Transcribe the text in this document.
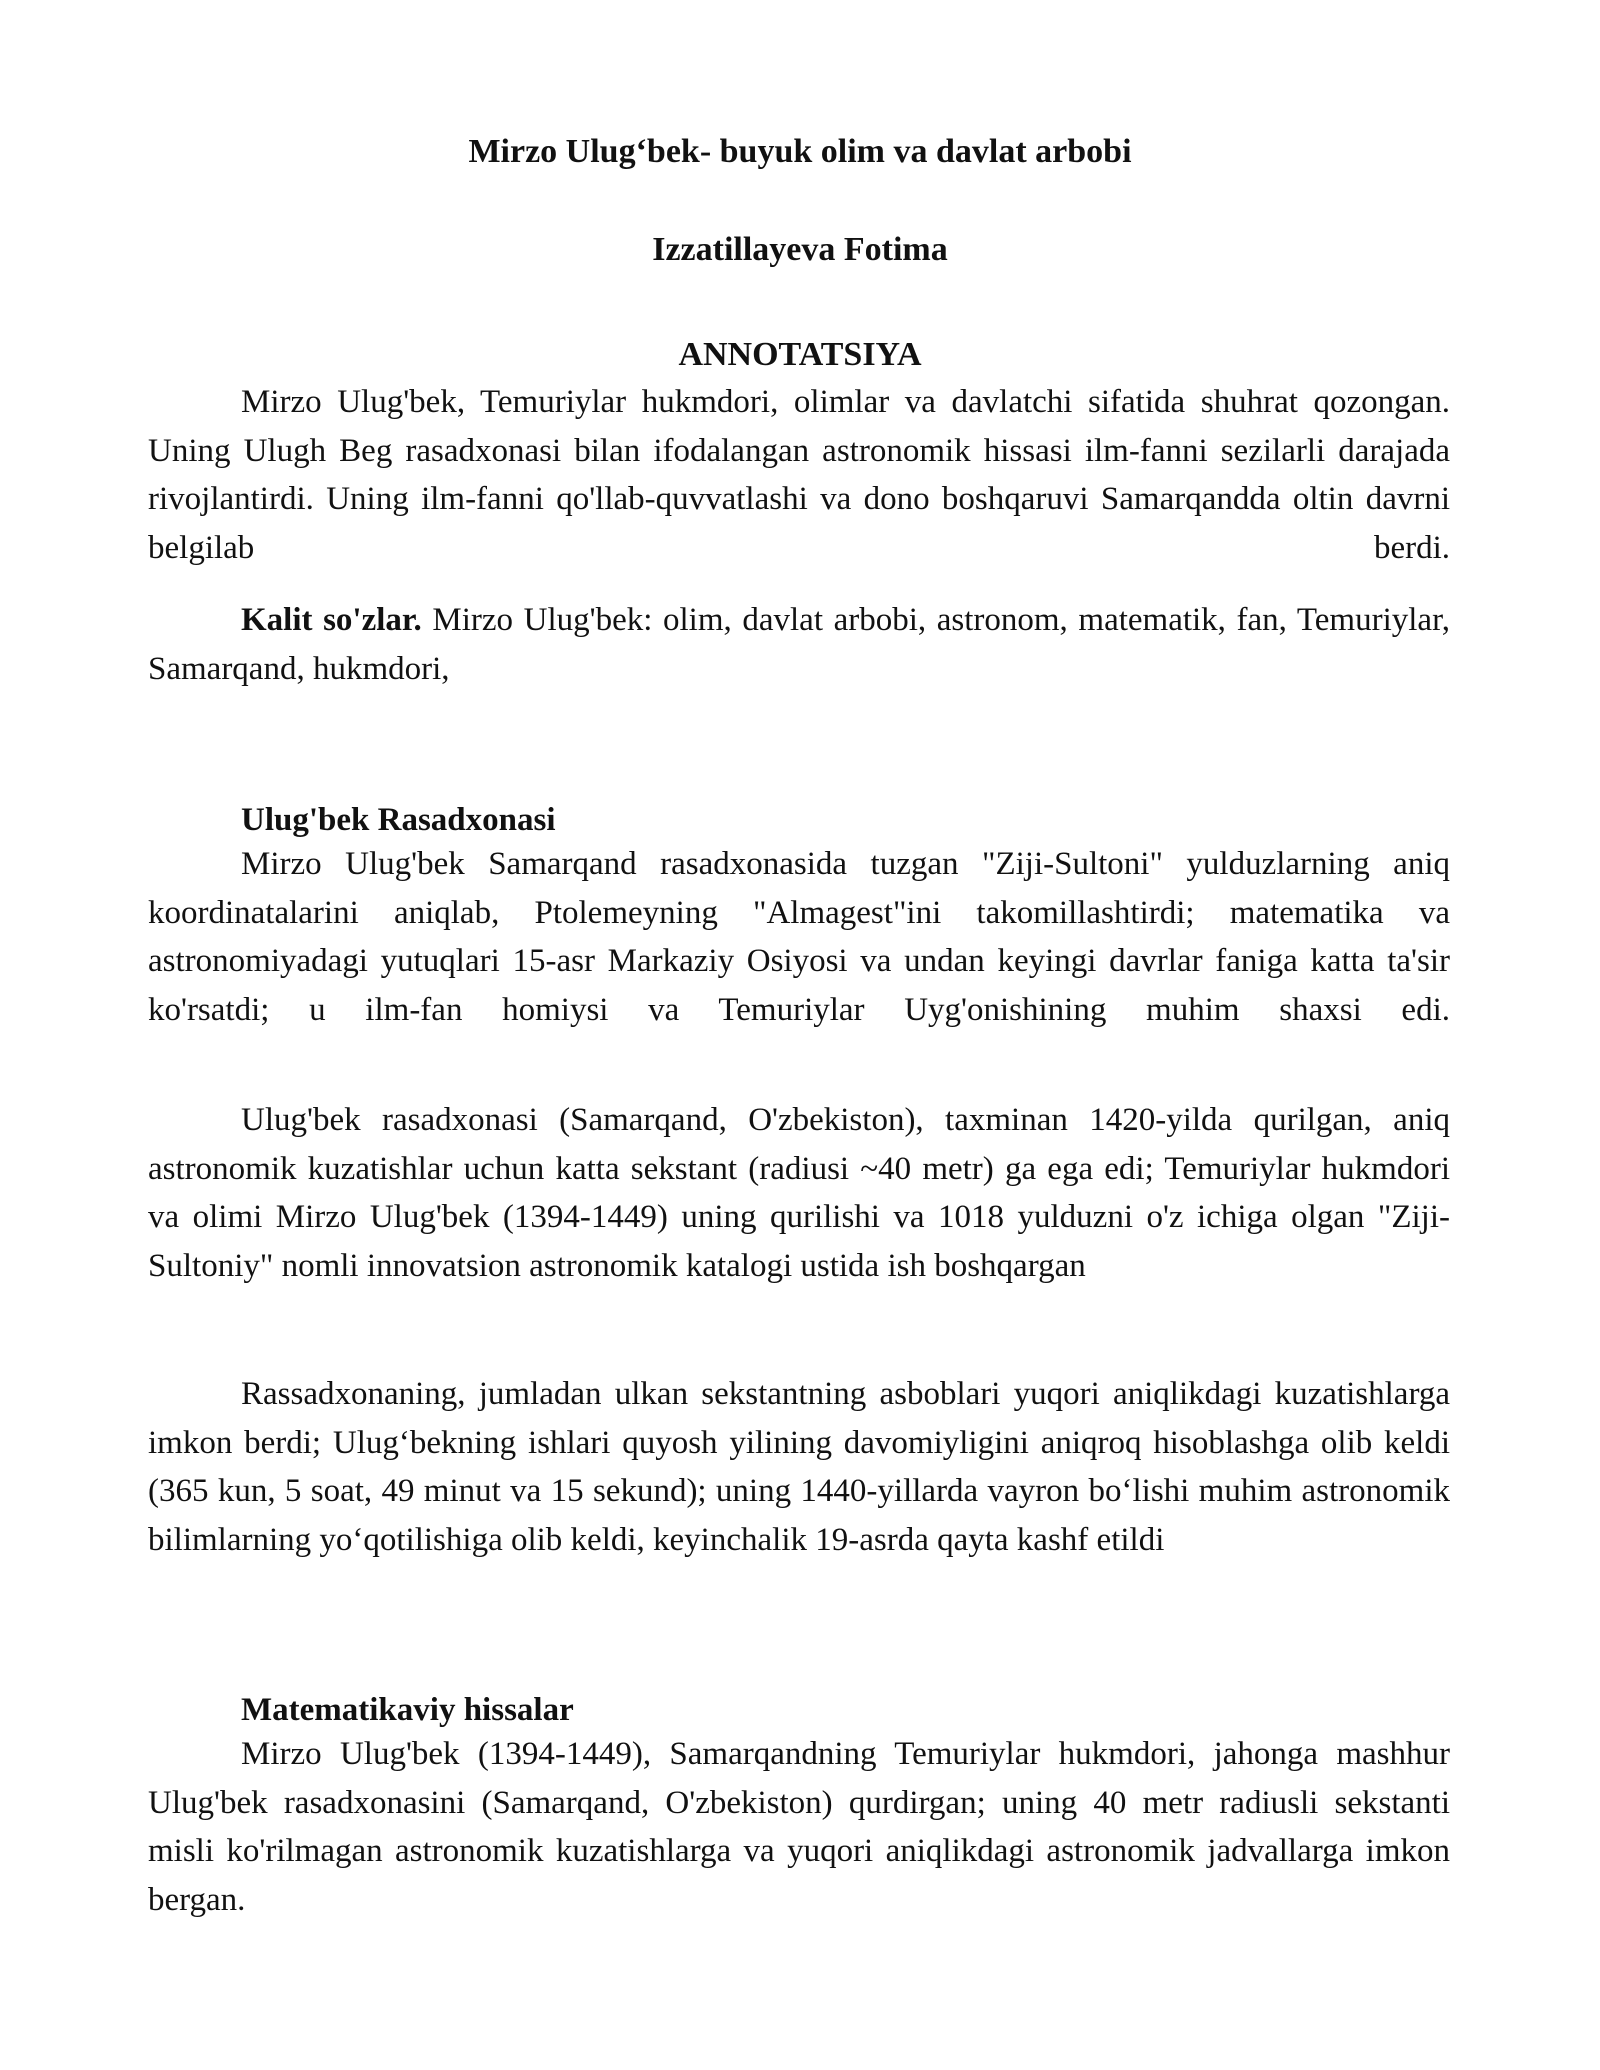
Mirzo Ulug‘bek- buyuk olim va davlat arbobi
Izzatillayeva Fotima
ANNOTATSIYA

Mirzo Ulug'bek, Temuriylar hukmdori, olimlar va davlatchi sifatida shuhrat qozongan. Uning Ulugh Beg rasadxonasi bilan ifodalangan astronomik hissasi ilm-fanni sezilarli darajada rivojlantirdi. Uning ilm-fanni qo'llab-quvvatlashi va dono boshqaruvi Samarqandda oltin davrni belgilab berdi.

Kalit so'zlar. Mirzo Ulug'bek: olim, davlat arbobi, astronom, matematik, fan, Temuriylar, Samarqand, hukmdori,

Ulug'bek Rasadxonasi

Mirzo Ulug'bek Samarqand rasadxonasida tuzgan "Ziji-Sultoni" yulduzlarning aniq koordinatalarini aniqlab, Ptolemeyning "Almagest"ini takomillashtirdi; matematika va astronomiyadagi yutuqlari 15-asr Markaziy Osiyosi va undan keyingi davrlar faniga katta ta'sir ko'rsatdi; u ilm-fan homiysi va Temuriylar Uyg'onishining muhim shaxsi edi.

Ulug'bek rasadxonasi (Samarqand, O'zbekiston), taxminan 1420-yilda qurilgan, aniq astronomik kuzatishlar uchun katta sekstant (radiusi ~40 metr) ga ega edi; Temuriylar hukmdori va olimi Mirzo Ulug'bek (1394-1449) uning qurilishi va 1018 yulduzni o'z ichiga olgan "Ziji-Sultoniy" nomli innovatsion astronomik katalogi ustida ish boshqargan

Rassadxonaning, jumladan ulkan sekstantning asboblari yuqori aniqlikdagi kuzatishlarga imkon berdi; Ulug‘bekning ishlari quyosh yilining davomiyligini aniqroq hisoblashga olib keldi (365 kun, 5 soat, 49 minut va 15 sekund); uning 1440-yillarda vayron bo‘lishi muhim astronomik bilimlarning yo‘qotilishiga olib keldi, keyinchalik 19-asrda qayta kashf etildi

Matematikaviy hissalar

Mirzo Ulug'bek (1394-1449), Samarqandning Temuriylar hukmdori, jahonga mashhur Ulug'bek rasadxonasini (Samarqand, O'zbekiston) qurdirgan; uning 40 metr radiusli sekstanti misli ko'rilmagan astronomik kuzatishlarga va yuqori aniqlikdagi astronomik jadvallarga imkon bergan.
